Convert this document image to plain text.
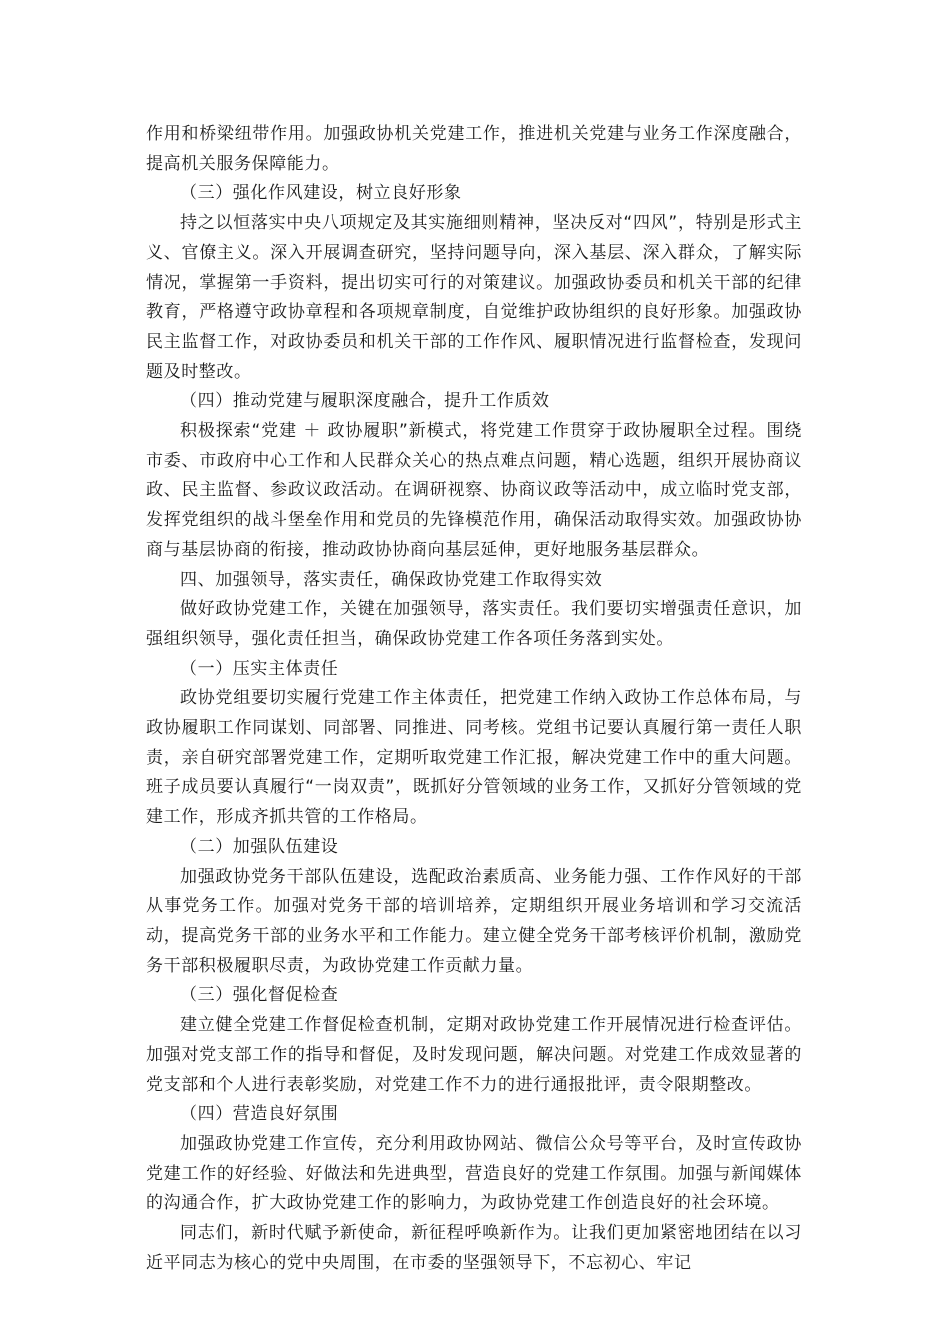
作用和桥梁纽带作用。加强政协机关党建工作，推进机关党建与业务工作深度融合，提高机关服务保障能力。

（三）强化作风建设，树立良好形象

持之以恒落实中央八项规定及其实施细则精神，坚决反对“四风”，特别是形式主义、官僚主义。深入开展调查研究，坚持问题导向，深入基层、深入群众，了解实际情况，掌握第一手资料，提出切实可行的对策建议。加强政协委员和机关干部的纪律教育，严格遵守政协章程和各项规章制度，自觉维护政协组织的良好形象。加强政协民主监督工作，对政协委员和机关干部的工作作风、履职情况进行监督检查，发现问题及时整改。

（四）推动党建与履职深度融合，提升工作质效

积极探索“党建 ＋ 政协履职”新模式，将党建工作贯穿于政协履职全过程。围绕市委、市政府中心工作和人民群众关心的热点难点问题，精心选题，组织开展协商议政、民主监督、参政议政活动。在调研视察、协商议政等活动中，成立临时党支部，发挥党组织的战斗堡垒作用和党员的先锋模范作用，确保活动取得实效。加强政协协商与基层协商的衔接，推动政协协商向基层延伸，更好地服务基层群众。

四、加强领导，落实责任，确保政协党建工作取得实效

做好政协党建工作，关键在加强领导，落实责任。我们要切实增强责任意识，加强组织领导，强化责任担当，确保政协党建工作各项任务落到实处。

（一）压实主体责任

政协党组要切实履行党建工作主体责任，把党建工作纳入政协工作总体布局，与政协履职工作同谋划、同部署、同推进、同考核。党组书记要认真履行第一责任人职责，亲自研究部署党建工作，定期听取党建工作汇报，解决党建工作中的重大问题。班子成员要认真履行“一岗双责”，既抓好分管领域的业务工作，又抓好分管领域的党建工作，形成齐抓共管的工作格局。

（二）加强队伍建设

加强政协党务干部队伍建设，选配政治素质高、业务能力强、工作作风好的干部从事党务工作。加强对党务干部的培训培养，定期组织开展业务培训和学习交流活动，提高党务干部的业务水平和工作能力。建立健全党务干部考核评价机制，激励党务干部积极履职尽责，为政协党建工作贡献力量。

（三）强化督促检查

建立健全党建工作督促检查机制，定期对政协党建工作开展情况进行检查评估。加强对党支部工作的指导和督促，及时发现问题，解决问题。对党建工作成效显著的党支部和个人进行表彰奖励，对党建工作不力的进行通报批评，责令限期整改。

（四）营造良好氛围

加强政协党建工作宣传，充分利用政协网站、微信公众号等平台，及时宣传政协党建工作的好经验、好做法和先进典型，营造良好的党建工作氛围。加强与新闻媒体的沟通合作，扩大政协党建工作的影响力，为政协党建工作创造良好的社会环境。

同志们，新时代赋予新使命，新征程呼唤新作为。让我们更加紧密地团结在以习近平同志为核心的党中央周围，在市委的坚强领导下，不忘初心、牢记
